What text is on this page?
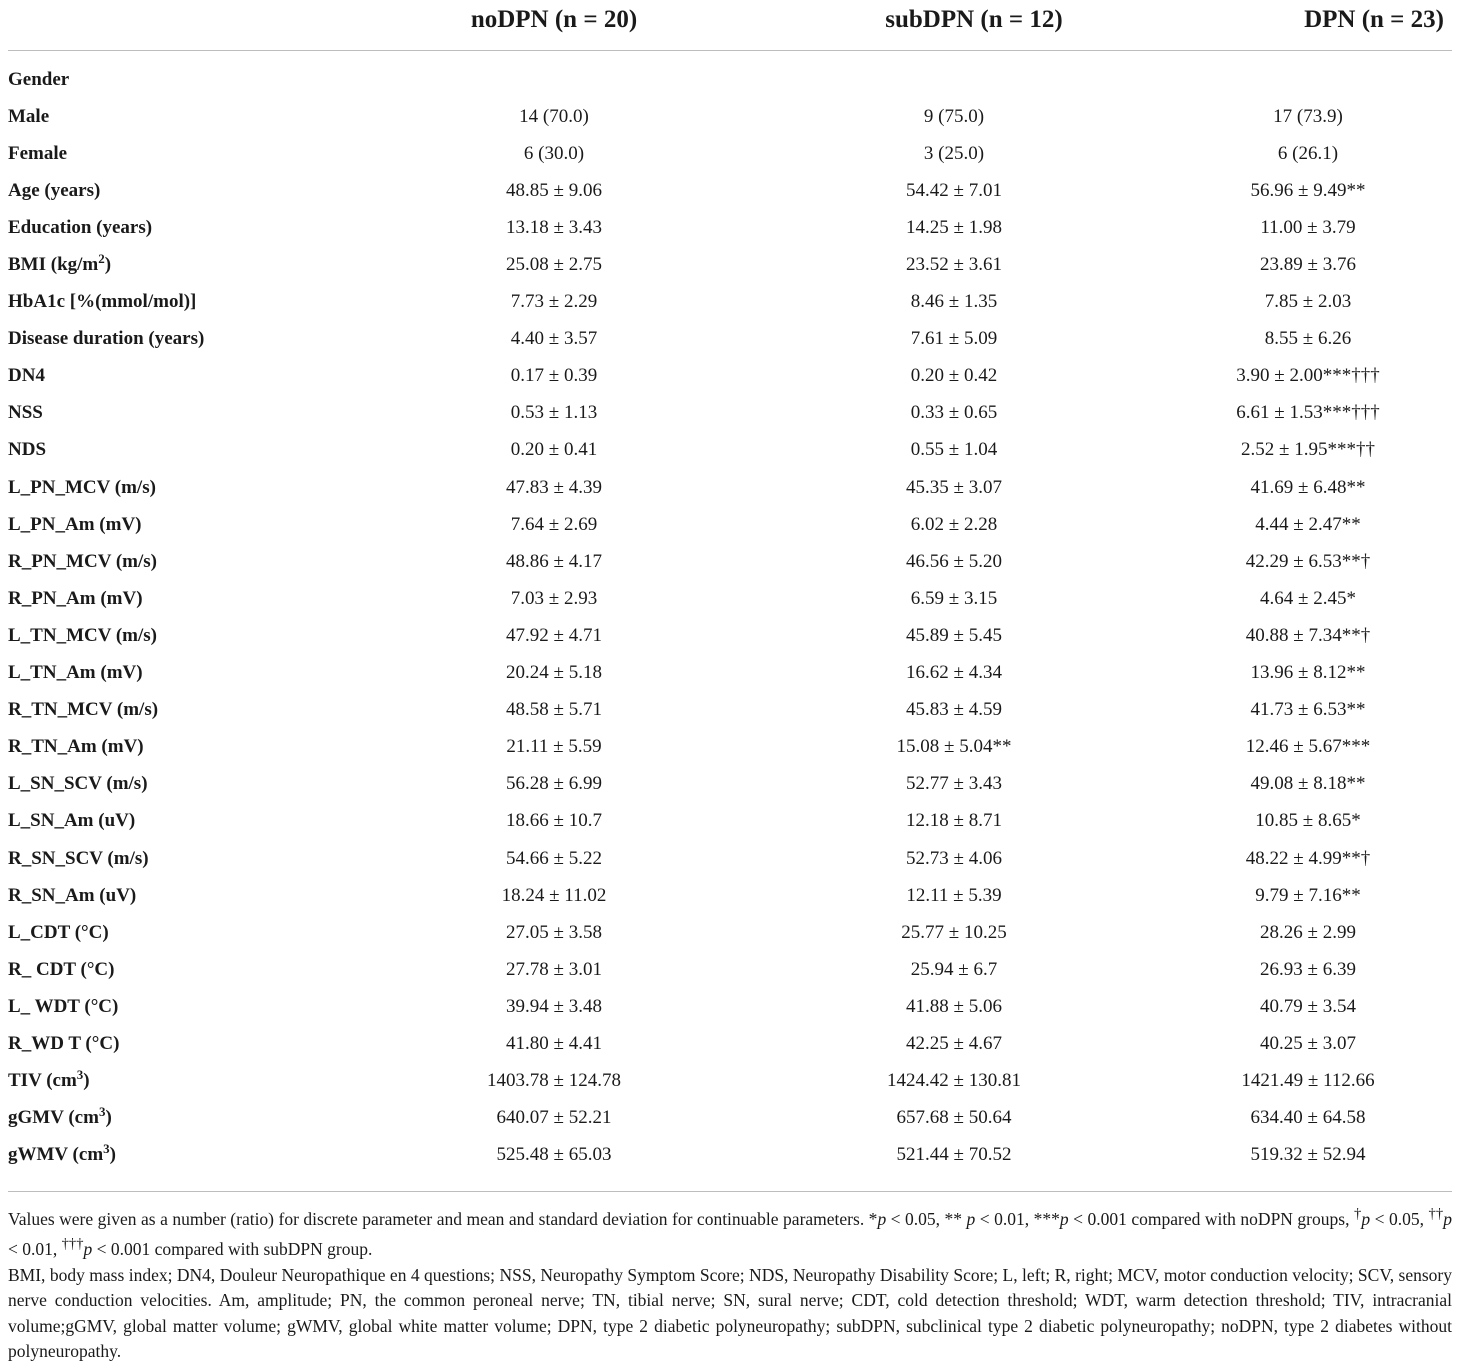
	noDPN (n = 20)	subDPN (n = 12)	DPN (n = 23)

Gender			
Male	14 (70.0)	9 (75.0)	17 (73.9)
Female	6 (30.0)	3 (25.0)	6 (26.1)
Age (years)	48.85 ± 9.06	54.42 ± 7.01	56.96 ± 9.49**
Education (years)	13.18 ± 3.43	14.25 ± 1.98	11.00 ± 3.79
BMI $(kg/m^2)$	25.08 ± 2.75	23.52 ± 3.61	23.89 ± 3.76
HbA1c [%(mmol/mol)]	7.73 ± 2.29	8.46 ± 1.35	7.85 ± 2.03
Disease duration (years)	4.40 ± 3.57	7.61 ± 5.09	8.55 ± 6.26
DN4	0.17 ± 0.39	0.20 ± 0.42	3.90 ± 2.00***†††
NSS	0.53 ± 1.13	0.33 ± 0.65	6.61 ± 1.53***†††
NDS	0.20 ± 0.41	0.55 ± 1.04	2.52 ± 1.95***††
L_PN_MCV (m/s)	47.83 ± 4.39	45.35 ± 3.07	41.69 ± 6.48**
L_PN_Am (mV)	7.64 ± 2.69	6.02 ± 2.28	4.44 ± 2.47**
R_PN_MCV (m/s)	48.86 ± 4.17	46.56 ± 5.20	42.29 ± 6.53**†
R_PN_Am (mV)	7.03 ± 2.93	6.59 ± 3.15	4.64 ± 2.45*
L_TN_MCV (m/s)	47.92 ± 4.71	45.89 ± 5.45	40.88 ± 7.34**†
L_TN_Am (mV)	20.24 ± 5.18	16.62 ± 4.34	13.96 ± 8.12**
R_TN_MCV (m/s)	48.58 ± 5.71	45.83 ± 4.59	41.73 ± 6.53**
R_TN_Am (mV)	21.11 ± 5.59	15.08 ± 5.04**	12.46 ± 5.67***
L_SN_SCV (m/s)	56.28 ± 6.99	52.77 ± 3.43	49.08 ± 8.18**
L_SN_Am (uV)	18.66 ± 10.7	12.18 ± 8.71	10.85 ± 8.65*
R_SN_SCV (m/s)	54.66 ± 5.22	52.73 ± 4.06	48.22 ± 4.99**†
R_SN_Am (uV)	18.24 ± 11.02	12.11 ± 5.39	9.79 ± 7.16**
L_CDT (°C)	27.05 ± 3.58	25.77 ± 10.25	28.26 ± 2.99
R_ CDT (°C)	27.78 ± 3.01	25.94 ± 6.7	26.93 ± 6.39
L_ WDT (°C)	39.94 ± 3.48	41.88 ± 5.06	40.79 ± 3.54
R_WD T (°C)	41.80 ± 4.41	42.25 ± 4.67	40.25 ± 3.07
TIV $(cm^3)$	1403.78 ± 124.78	1424.42 ± 130.81	1421.49 ± 112.66
gGMV $(cm^3)$	640.07 ± 52.21	657.68 ± 50.64	634.40 ± 64.58
gWMV $(cm^3)$	525.48 ± 65.03	521.44 ± 70.52	519.32 ± 52.94

Values were given as a number (ratio) for discrete parameter and mean and standard deviation for continuable parameters. *p < 0.05, ** p < 0.01, ***p < 0.001 compared with noDPN groups, †p < 0.05, ††p < 0.01, †††p < 0.001 compared with subDPN group.

BMI, body mass index; DN4, Douleur Neuropathique en 4 questions; NSS, Neuropathy Symptom Score; NDS, Neuropathy Disability Score; L, left; R, right; MCV, motor conduction velocity; SCV, sensory nerve conduction velocities. Am, amplitude; PN, the common peroneal nerve; TN, tibial nerve; SN, sural nerve; CDT, cold detection threshold; WDT, warm detection threshold; TIV, intracranial volume;gGMV, global matter volume; gWMV, global white matter volume; DPN, type 2 diabetic polyneuropathy; subDPN, subclinical type 2 diabetic polyneuropathy; noDPN, type 2 diabetes without polyneuropathy.
